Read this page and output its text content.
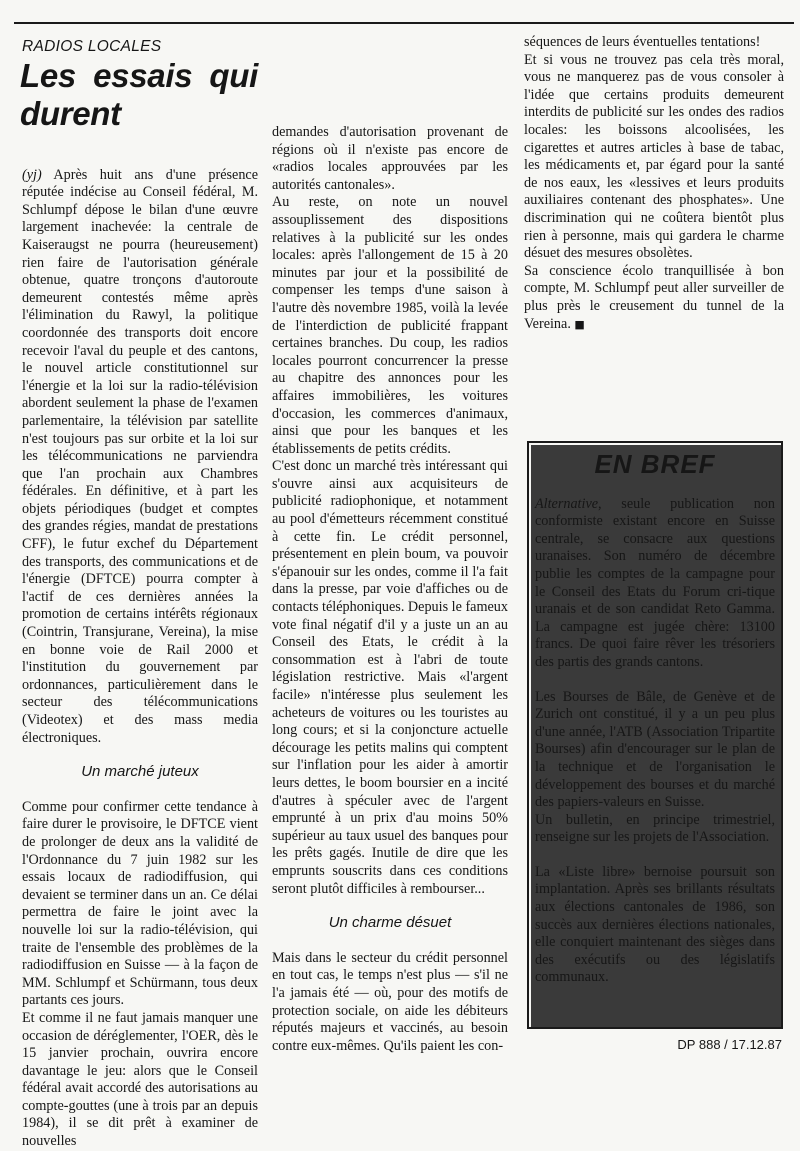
RADIOS LOCALES
Les essais qui durent

(yj) Après huit ans d'une présence réputée indécise au Conseil fédéral, M. Schlumpf dépose le bilan d'une œuvre largement inachevée: la centrale de Kaiseraugst ne pourra (heureusement) rien faire de l'autorisation générale obtenue, quatre tronçons d'autoroute demeurent contestés même après l'élimination du Rawyl, la politique coordonnée des transports doit encore recevoir l'aval du peuple et des cantons, le nouvel article constitutionnel sur l'énergie et la loi sur la radio-télévision abordent seulement la phase de l'examen parlementaire, la télévision par satellite n'est toujours pas sur orbite et la loi sur les télécommunications ne parviendra que l'an prochain aux Chambres fédérales. En définitive, et à part les objets périodiques (budget et comptes des grandes régies, mandat de prestations CFF), le futur exchef du Département des transports, des communications et de l'énergie (DFTCE) pourra compter à l'actif de ces dernières années la promotion de certains intérêts régionaux (Cointrin, Transjurane, Vereina), la mise en bonne voie de Rail 2000 et l'institution du gouvernement par ordonnances, particulièrement dans le secteur des télécommunications (Videotex) et des mass media électroniques.

Un marché juteux

Comme pour confirmer cette tendance à faire durer le provisoire, le DFTCE vient de prolonger de deux ans la validité de l'Ordonnance du 7 juin 1982 sur les essais locaux de radiodiffusion, qui devaient se terminer dans un an. Ce délai permettra de faire le joint avec la nouvelle loi sur la radio-télévision, qui traite de l'ensemble des problèmes de la radiodiffusion en Suisse — à la façon de MM. Schlumpf et Schürmann, tous deux partants ces jours.

Et comme il ne faut jamais manquer une occasion de déréglementer, l'OER, dès le 15 janvier prochain, ouvrira encore davantage le jeu: alors que le Conseil fédéral avait accordé des autorisations au compte-gouttes (une à trois par an depuis 1984), il se dit prêt à examiner de nouvelles

demandes d'autorisation provenant de régions où il n'existe pas encore de «radios locales approuvées par les autorités cantonales».

Au reste, on note un nouvel assouplissement des dispositions relatives à la publicité sur les ondes locales: après l'allongement de 15 à 20 minutes par jour et la possibilité de compenser les temps d'une saison à l'autre dès novembre 1985, voilà la levée de l'interdiction de publicité frappant certaines branches. Du coup, les radios locales pourront concurrencer la presse au chapitre des annonces pour les affaires immobilières, les voitures d'occasion, les commerces d'animaux, ainsi que pour les banques et les établissements de petits crédits.

C'est donc un marché très intéressant qui s'ouvre ainsi aux acquisiteurs de publicité radiophonique, et notamment au pool d'émetteurs récemment constitué à cette fin. Le crédit personnel, présentement en plein boum, va pouvoir s'épanouir sur les ondes, comme il l'a fait dans la presse, par voie d'affiches ou de contacts téléphoniques. Depuis le fameux vote final négatif d'il y a juste un an au Conseil des Etats, le crédit à la consommation est à l'abri de toute législation restrictive. Mais «l'argent facile» n'intéresse plus seulement les acheteurs de voitures ou les touristes au long cours; et si la conjoncture actuelle décourage les petits malins qui comptent sur l'inflation pour les aider à amortir leurs dettes, le boom boursier en a incité d'autres à spéculer avec de l'argent emprunté à un prix d'au moins 50% supérieur au taux usuel des banques pour les prêts gagés. Inutile de dire que les emprunts souscrits dans ces conditions seront plutôt difficiles à rembourser...

Un charme désuet

Mais dans le secteur du crédit personnel en tout cas, le temps n'est plus — s'il ne l'a jamais été — où, pour des motifs de protection sociale, on aide les débiteurs réputés majeurs et vaccinés, au besoin contre eux-mêmes. Qu'ils paient les con-

séquences de leurs éventuelles tentations!

Et si vous ne trouvez pas cela très moral, vous ne manquerez pas de vous consoler à l'idée que certains produits demeurent interdits de publicité sur les ondes des radios locales: les boissons alcoolisées, les cigarettes et autres articles à base de tabac, les médicaments et, par égard pour la santé de nos eaux, les «lessives et leurs produits auxiliaires contenant des phosphates». Une discrimination qui ne coûtera bientôt plus rien à personne, mais qui gardera le charme désuet des mesures obsolètes.

Sa conscience écolo tranquillisée à bon compte, M. Schlumpf peut aller surveiller de plus près le creusement du tunnel de la Vereina. ■

EN BREF

Alternative, seule publication non conformiste existant encore en Suisse centrale, se consacre aux questions uranaises. Son numéro de décembre publie les comptes de la campagne pour le Conseil des Etats du Forum cri-tique uranais et de son candidat Reto Gamma. La campagne est jugée chère: 13100 francs. De quoi faire rêver les trésoriers des partis des grands cantons.

Les Bourses de Bâle, de Genève et de Zurich ont constitué, il y a un peu plus d'une année, l'ATB (Association Tripartite Bourses) afin d'encourager sur le plan de la technique et de l'organisation le développement des bourses et du marché des papiers-valeurs en Suisse.

Un bulletin, en principe trimestriel, renseigne sur les projets de l'Association.

La «Liste libre» bernoise poursuit son implantation. Après ses brillants résultats aux élections cantonales de 1986, son succès aux dernières élections nationales, elle conquiert maintenant des sièges dans des exécutifs ou des législatifs communaux.

DP 888 / 17.12.87
